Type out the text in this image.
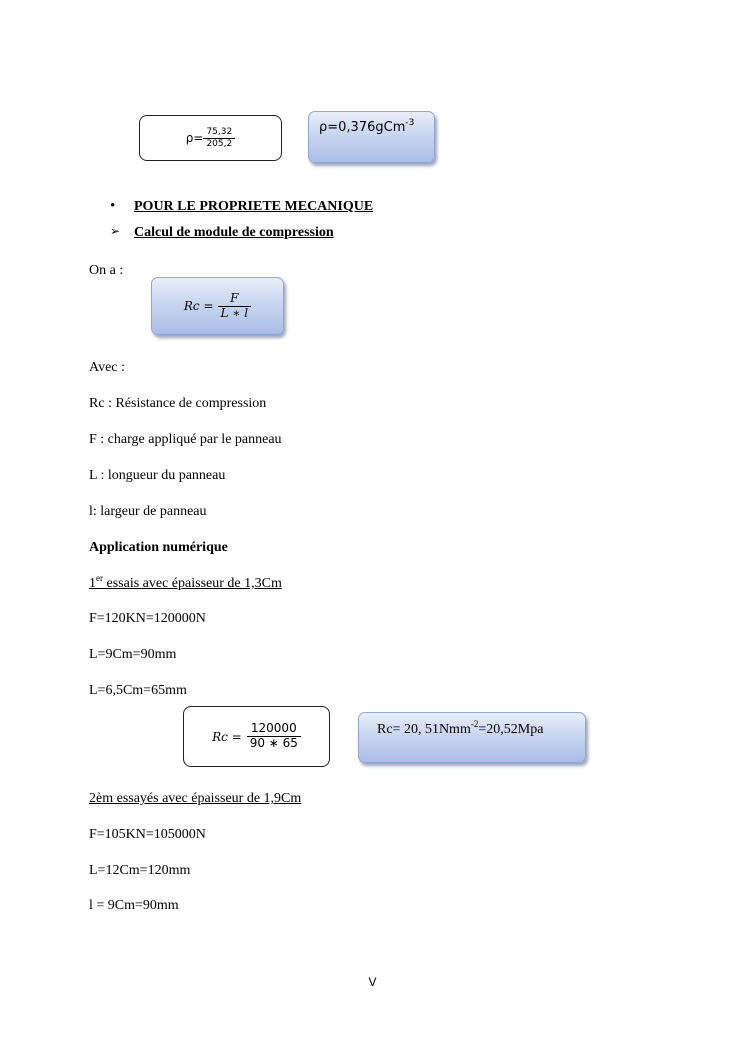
$\rho= \frac{75,32}{205,2}$	ρ=0,376gCm$^{-3}$
• POUR LE PROPRIETE MECANIQUE
➢ Calcul de module de compression
On a :
$Rc = \frac{F}{L ∗ l}$
Avec :
Rc : Résistance de compression
F : charge appliqué par le panneau
L : longueur du panneau
l: largeur de panneau
Application numérique
1er essais avec épaisseur de 1,3Cm
F=120KN=120000N
L=9Cm=90mm
L=6,5Cm=65mm
$Rc = \frac{120000}{90 ∗ 65}$	Rc= 20, 51Nmm$^{-2}$=20,52Mpa
2èm essayés avec épaisseur de 1,9Cm
F=105KN=105000N
L=12Cm=120mm
l = 9Cm=90mm
V
